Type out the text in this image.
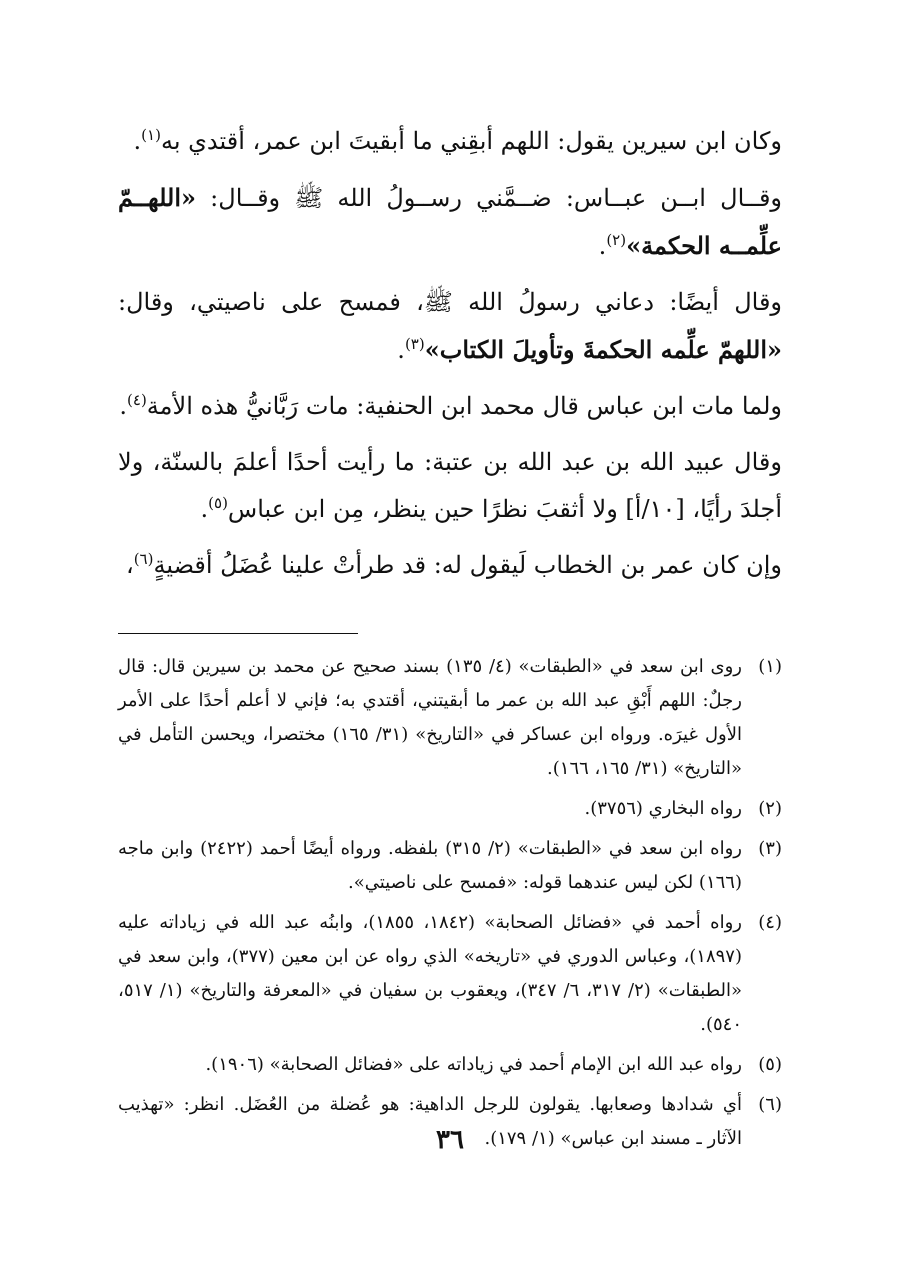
وكان ابن سيرين يقول: اللهم أبقِني ما أبقيتَ ابن عمر، أقتدي به$^{(١)}$.

وقــال ابــن عبــاس: ضــمَّني رســولُ الله ﷺ وقــال: «اللهــمّ علِّمــه الحكمة»$^{(٢)}$.

وقال أيضًا: دعاني رسولُ الله ﷺ، فمسح على ناصيتي، وقال: «اللهمّ علِّمه الحكمةَ وتأويلَ الكتاب»$^{(٣)}$.

ولما مات ابن عباس قال محمد ابن الحنفية: مات رَبَّانيُّ هذه الأمة$^{(٤)}$.

وقال عبيد الله بن عبد الله بن عتبة: ما رأيت أحدًا أعلمَ بالسنّة، ولا أجلدَ رأيًا، [١٠/أ] ولا أثقبَ نظرًا حين ينظر، مِن ابن عباس$^{(٥)}$.

وإن كان عمر بن الخطاب لَيقول له: قد طرأتْ علينا عُضَلُ أقضيةٍ$^{(٦)}$،

(١)
روى ابن سعد في «الطبقات» (٤/ ١٣٥) بسند صحيح عن محمد بن سيرين قال: قال رجلٌ: اللهم أَبْقِ عبد الله بن عمر ما أبقيتني، أقتدي به؛ فإني لا أعلم أحدًا على الأمر الأول غيرَه. ورواه ابن عساكر في «التاريخ» (٣١/ ١٦٥) مختصرا، ويحسن التأمل في «التاريخ» (٣١/ ١٦٥، ١٦٦).
(٢)
رواه البخاري (٣٧٥٦).
(٣)
رواه ابن سعد في «الطبقات» (٢/ ٣١٥) بلفظه. ورواه أيضًا أحمد (٢٤٢٢) وابن ماجه (١٦٦) لكن ليس عندهما قوله: «فمسح على ناصيتي».
(٤)
رواه أحمد في «فضائل الصحابة» (١٨٤٢، ١٨٥٥)، وابنُه عبد الله في زياداته عليه (١٨٩٧)، وعباس الدوري في «تاريخه» الذي رواه عن ابن معين (٣٧٧)، وابن سعد في «الطبقات» (٢/ ٣١٧، ٦/ ٣٤٧)، ويعقوب بن سفيان في «المعرفة والتاريخ» (١/ ٥١٧، ٥٤٠).
(٥)
رواه عبد الله ابن الإمام أحمد في زياداته على «فضائل الصحابة» (١٩٠٦).
(٦)
أي شدادها وصعابها. يقولون للرجل الداهية: هو عُضلة من العُضَل. انظر: «تهذيب الآثار ـ مسند ابن عباس» (١/ ١٧٩).
٣٦
